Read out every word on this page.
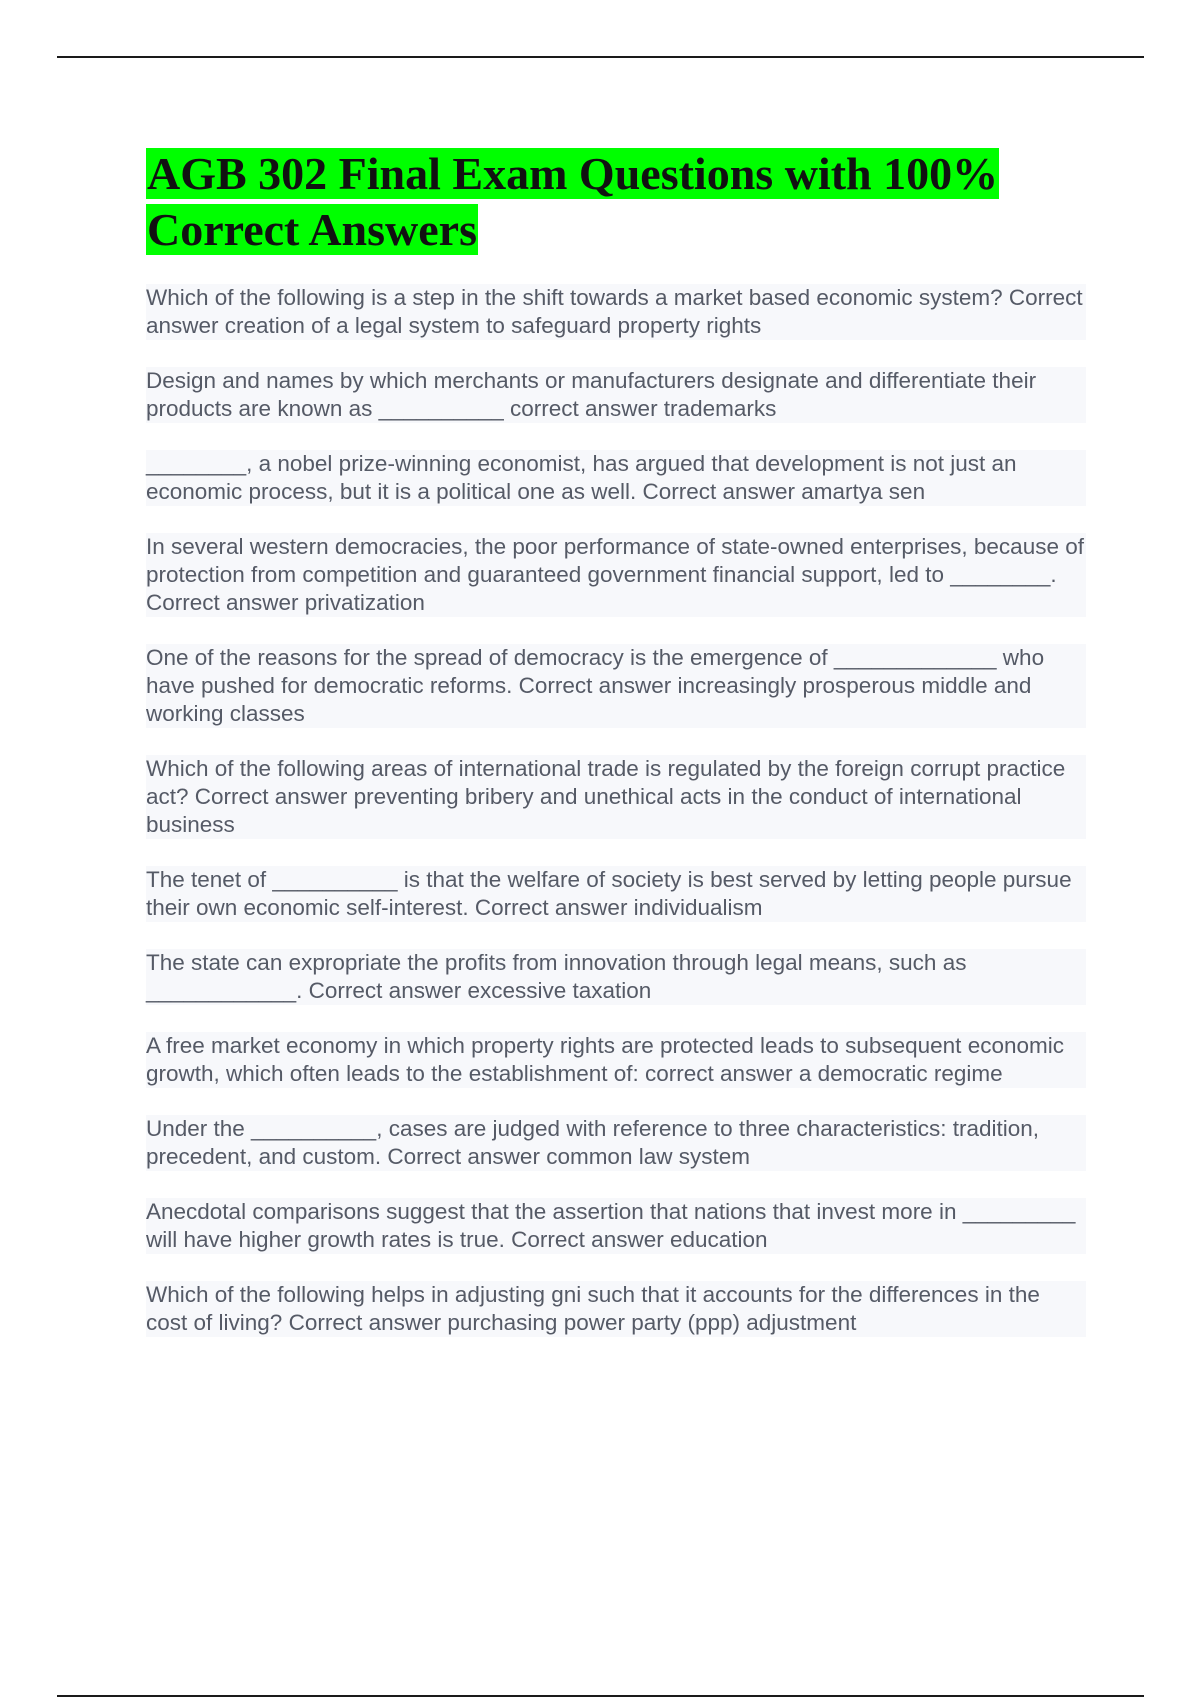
AGB 302 Final Exam Questions with 100% Correct Answers
Which of the following is a step in the shift towards a market based economic system? Correct answer creation of a legal system to safeguard property rights
Design and names by which merchants or manufacturers designate and differentiate their products are known as __________ correct answer trademarks
________, a nobel prize-winning economist, has argued that development is not just an economic process, but it is a political one as well. Correct answer amartya sen
In several western democracies, the poor performance of state-owned enterprises, because of protection from competition and guaranteed government financial support, led to ________. Correct answer privatization
One of the reasons for the spread of democracy is the emergence of _____________ who have pushed for democratic reforms. Correct answer increasingly prosperous middle and working classes
Which of the following areas of international trade is regulated by the foreign corrupt practice act? Correct answer preventing bribery and unethical acts in the conduct of international business
The tenet of __________ is that the welfare of society is best served by letting people pursue their own economic self-interest. Correct answer individualism
The state can expropriate the profits from innovation through legal means, such as ____________. Correct answer excessive taxation
A free market economy in which property rights are protected leads to subsequent economic growth, which often leads to the establishment of: correct answer a democratic regime
Under the __________, cases are judged with reference to three characteristics: tradition, precedent, and custom. Correct answer common law system
Anecdotal comparisons suggest that the assertion that nations that invest more in _________ will have higher growth rates is true. Correct answer education
Which of the following helps in adjusting gni such that it accounts for the differences in the cost of living? Correct answer purchasing power party (ppp) adjustment
